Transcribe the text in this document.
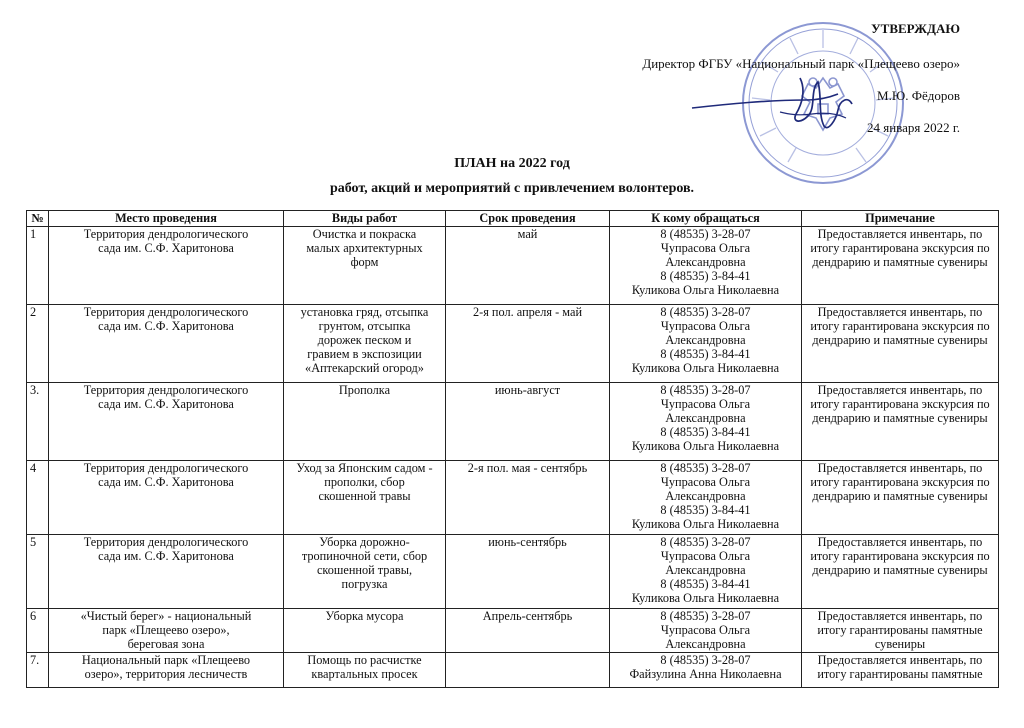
УТВЕРЖДАЮ
Директор ФГБУ «Национальный парк «Плещеево озеро»
М.Ю. Фёдоров
24 января 2022 г.
ПЛАН на 2022 год
работ, акций и мероприятий с привлечением волонтеров.
№	Место проведения	Виды работ	Срок проведения	К кому обращаться	Примечание
1	Территория дендрологического
сада им. С.Ф. Харитонова	Очистка и покраска
малых архитектурных
форм	май	8 (48535) 3-28-07
Чупрасова Ольга
Александровна
8 (48535) 3-84-41
Куликова Ольга Николаевна	Предоставляется инвентарь, по
итогу гарантирована экскурсия по
дендрарию и памятные сувениры

2	Территория дендрологического
сада им. С.Ф. Харитонова	установка гряд, отсыпка
грунтом, отсыпка
дорожек песком и
гравием в экспозиции
«Аптекарский огород»	2-я пол. апреля - май	8 (48535) 3-28-07
Чупрасова Ольга
Александровна
8 (48535) 3-84-41
Куликова Ольга Николаевна	Предоставляется инвентарь, по
итогу гарантирована экскурсия по
дендрарию и памятные сувениры

3.	Территория дендрологического
сада им. С.Ф. Харитонова	Прополка	июнь-август	8 (48535) 3-28-07
Чупрасова Ольга
Александровна
8 (48535) 3-84-41
Куликова Ольга Николаевна	Предоставляется инвентарь, по
итогу гарантирована экскурсия по
дендрарию и памятные сувениры

4	Территория дендрологического
сада им. С.Ф. Харитонова	Уход за Японским садом -
прополки, сбор
скошенной травы	2-я пол. мая - сентябрь	8 (48535) 3-28-07
Чупрасова Ольга
Александровна
8 (48535) 3-84-41
Куликова Ольга Николаевна	Предоставляется инвентарь, по
итогу гарантирована экскурсия по
дендрарию и памятные сувениры

5	Территория дендрологического
сада им. С.Ф. Харитонова	Уборка дорожно-
тропиночной сети, сбор
скошенной травы,
погрузка	июнь-сентябрь	8 (48535) 3-28-07
Чупрасова Ольга
Александровна
8 (48535) 3-84-41
Куликова Ольга Николаевна	Предоставляется инвентарь, по
итогу гарантирована экскурсия по
дендрарию и памятные сувениры

6	«Чистый берег» - национальный
парк «Плещеево озеро»,
береговая зона	Уборка мусора	Апрель-сентябрь	8 (48535) 3-28-07
Чупрасова Ольга
Александровна	Предоставляется инвентарь, по
итогу гарантированы памятные
сувениры

7.	Национальный парк «Плещеево
озеро», территория лесничеств	Помощь по расчистке
квартальных просек		8 (48535) 3-28-07
Файзулина Анна Николаевна	Предоставляется инвентарь, по
итогу гарантированы памятные
